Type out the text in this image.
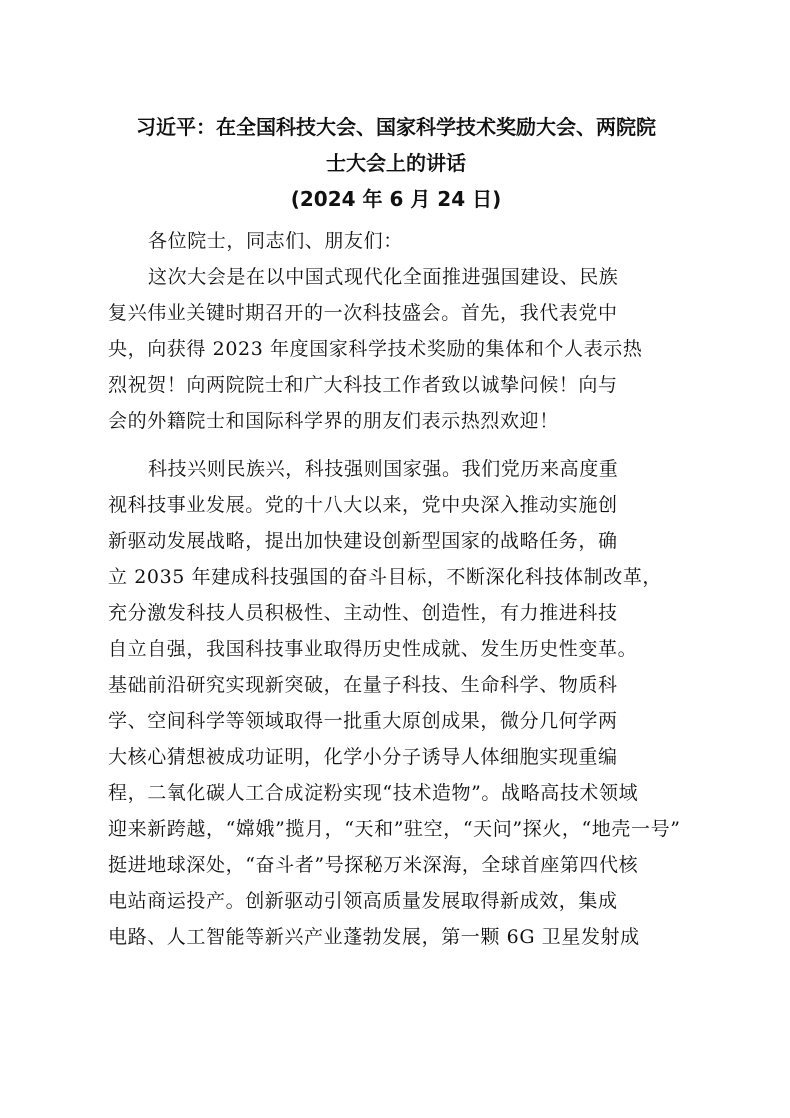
习近平：在全国科技大会、国家科学技术奖励大会、两院院
士大会上的讲话
(2024 年 6 月 24 日)
各位院士，同志们、朋友们：
这次大会是在以中国式现代化全面推进强国建设、民族
复兴伟业关键时期召开的一次科技盛会。首先，我代表党中
央，向获得 2023 年度国家科学技术奖励的集体和个人表示热
烈祝贺！向两院院士和广大科技工作者致以诚挚问候！向与
会的外籍院士和国际科学界的朋友们表示热烈欢迎！
科技兴则民族兴，科技强则国家强。我们党历来高度重
视科技事业发展。党的十八大以来，党中央深入推动实施创
新驱动发展战略，提出加快建设创新型国家的战略任务，确
立 2035 年建成科技强国的奋斗目标，不断深化科技体制改革，
充分激发科技人员积极性、主动性、创造性，有力推进科技
自立自强，我国科技事业取得历史性成就、发生历史性变革。
基础前沿研究实现新突破，在量子科技、生命科学、物质科
学、空间科学等领域取得一批重大原创成果，微分几何学两
大核心猜想被成功证明，化学小分子诱导人体细胞实现重编
程，二氧化碳人工合成淀粉实现“技术造物”。战略高技术领域
迎来新跨越，“嫦娥”揽月，“天和”驻空，“天问”探火，“地壳一号”
挺进地球深处，“奋斗者”号探秘万米深海，全球首座第四代核
电站商运投产。创新驱动引领高质量发展取得新成效，集成
电路、人工智能等新兴产业蓬勃发展，第一颗 6G 卫星发射成
